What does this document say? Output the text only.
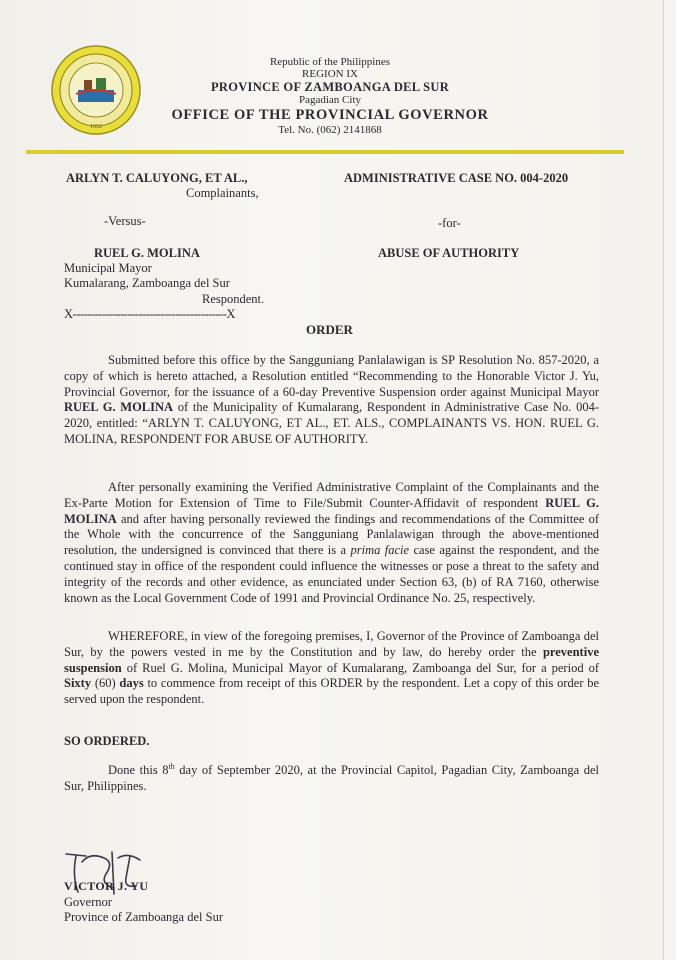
1952
Republic of the Philippines
REGION IX
PROVINCE OF ZAMBOANGA DEL SUR
Pagadian City
OFFICE OF THE PROVINCIAL GOVERNOR
Tel. No. (062) 2141868
ARLYN T. CALUYONG, ET AL.,
Complainants,
-Versus-
RUEL G. MOLINA
Municipal Mayor
Kumalarang, Zamboanga del Sur
Respondent.
X------------------------------------------X
ADMINISTRATIVE CASE NO. 004-2020
-for-
ABUSE OF AUTHORITY
ORDER
Submitted before this office by the Sangguniang Panlalawigan is SP Resolution No. 857-2020, a copy of which is hereto attached, a Resolution entitled “Recommending to the Honorable Victor J. Yu, Provincial Governor, for the issuance of a 60-day Preventive Suspension order against Municipal Mayor RUEL G. MOLINA of the Municipality of Kumalarang, Respondent in Administrative Case No. 004-2020, entitled: “ARLYN T. CALUYONG, ET AL., ET. ALS., COMPLAINANTS VS. HON. RUEL G. MOLINA, RESPONDENT FOR ABUSE OF AUTHORITY.
After personally examining the Verified Administrative Complaint of the Complainants and the Ex-Parte Motion for Extension of Time to File/Submit Counter-Affidavit of respondent RUEL G. MOLINA and after having personally reviewed the findings and recommendations of the Committee of the Whole with the concurrence of the Sangguniang Panlalawigan through the above-mentioned resolution, the undersigned is convinced that there is a prima facie case against the respondent, and the continued stay in office of the respondent could influence the witnesses or pose a threat to the safety and integrity of the records and other evidence, as enunciated under Section 63, (b) of RA 7160, otherwise known as the Local Government Code of 1991 and Provincial Ordinance No. 25, respectively.
WHEREFORE, in view of the foregoing premises, I, Governor of the Province of Zamboanga del Sur, by the powers vested in me by the Constitution and by law, do hereby order the preventive suspension of Ruel G. Molina, Municipal Mayor of Kumalarang, Zamboanga del Sur, for a period of Sixty (60) days to commence from receipt of this ORDER by the respondent. Let a copy of this order be served upon the respondent.
SO ORDERED.
Done this 8th day of September 2020, at the Provincial Capitol, Pagadian City, Zamboanga del Sur, Philippines.
VICTOR J. YU
Governor
Province of Zamboanga del Sur
